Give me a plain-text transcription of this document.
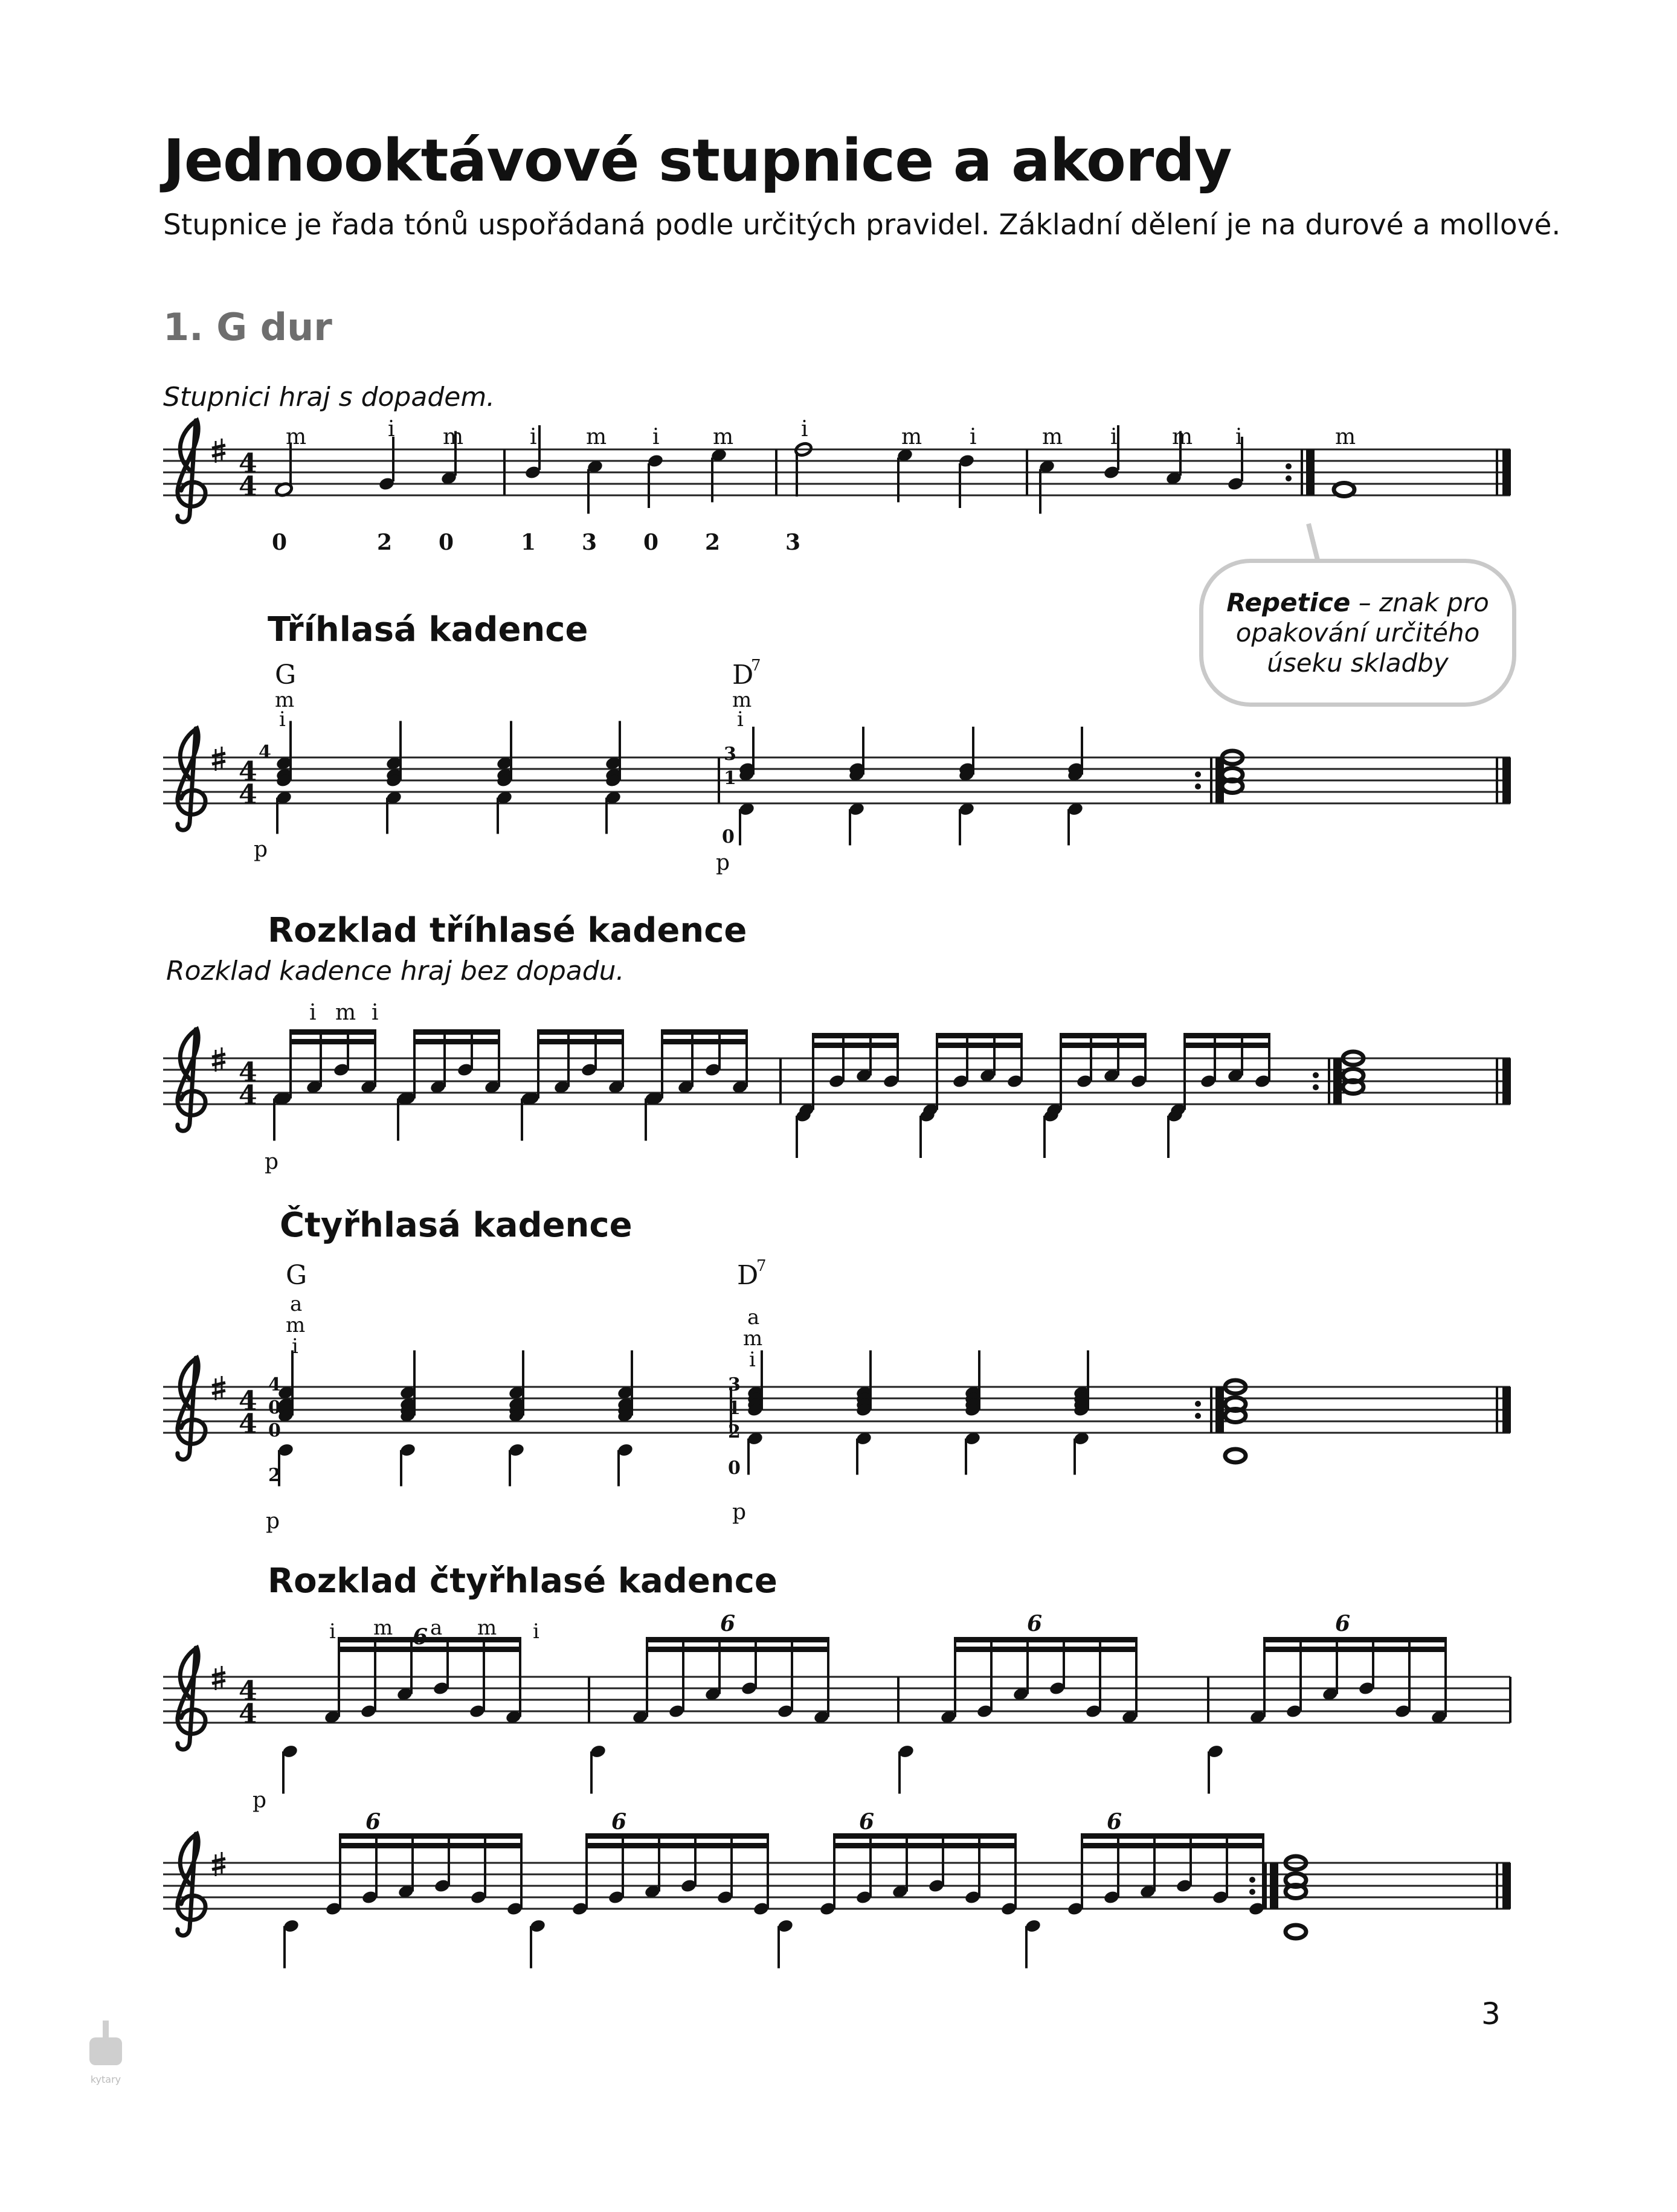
Jednooktávové stupnice a akordy
Stupnice je řada tónů uspořádaná podle určitých pravidel. Základní dělení je na durové a mollové.
1. G dur
Stupnici hraj s dopadem.
Tříhlasá kadence
Rozklad tříhlasé kadence
Rozklad kadence hraj bez dopadu.
Čtyřhlasá kadence
Rozklad čtyřhlasé kadence
Repetice – znak pro opakování určitého úseku skladby
3
kytary
4
4
4
4
4
4
4
4
4
4
m	i m	i m i m	i	m i	m i	m i	m
0	2 0	1 3 0 2	3
G	D
7
m
i
p
m
i
p
4	3
1
0
i m i
p
G	D
7
a
m
i
p
a
m
i
p
4
0
0
2
3
1
2
0
i m a m i
p
6
6	6	6
6	6	6	6
